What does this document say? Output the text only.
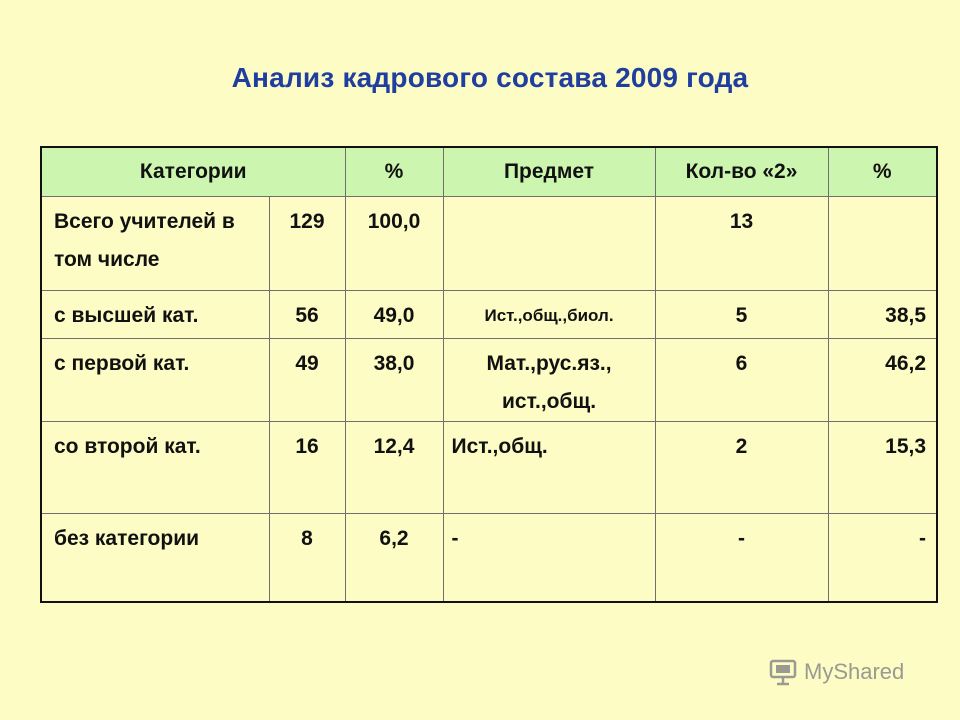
Анализ кадрового состава 2009 года
Категории		%	Предмет	Кол-во «2»	%
Всего учителей в том числе	129	100,0		13	
с высшей кат.	56	49,0	Ист.,общ.,биол.	5	38,5
с первой кат.	49	38,0	Мат.,рус.яз., ист.,общ.	6	46,2
со второй кат.	16	12,4	Ист.,общ.	2	15,3
без категории	8	6,2	-	-	-
MyShared
